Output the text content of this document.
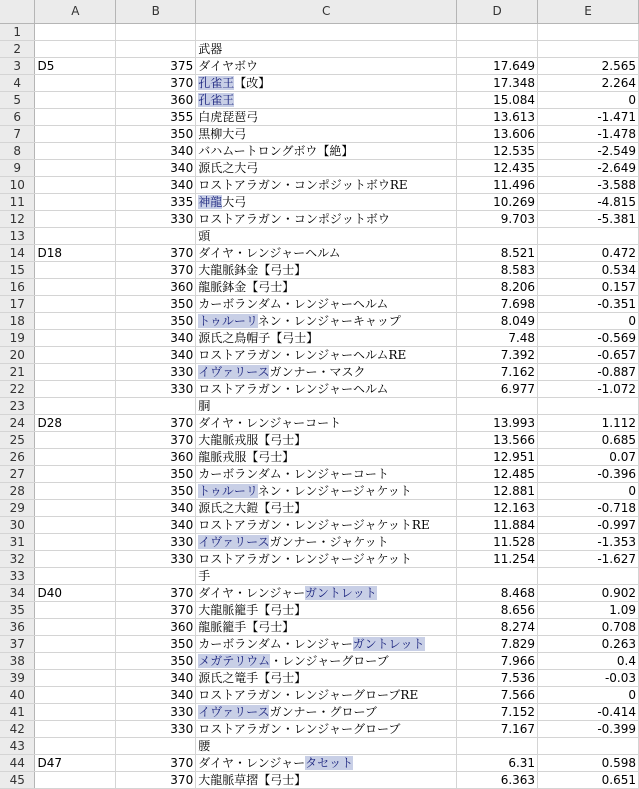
	A	B	C	D	E
1					
2			武器		
3	D5	375	ダイヤボウ	17.649	2.565
4		370	孔雀王【改】	17.348	2.264
5		360	孔雀王	15.084	0
6		355	白虎琵琶弓	13.613	-1.471
7		350	黒柳大弓	13.606	-1.478
8		340	バハムートロングボウ【絶】	12.535	-2.549
9		340	源氏之大弓	12.435	-2.649
10		340	ロストアラガン・コンポジットボウRE	11.496	-3.588
11		335	神龍大弓	10.269	-4.815
12		330	ロストアラガン・コンポジットボウ	9.703	-5.381
13			頭		
14	D18	370	ダイヤ・レンジャーヘルム	8.521	0.472
15		370	大龍脈鉢金【弓士】	8.583	0.534
16		360	龍脈鉢金【弓士】	8.206	0.157
17		350	カーボランダム・レンジャーヘルム	7.698	-0.351
18		350	トゥルーリネン・レンジャーキャップ	8.049	0
19		340	源氏之鳥帽子【弓士】	7.48	-0.569
20		340	ロストアラガン・レンジャーヘルムRE	7.392	-0.657
21		330	イヴァリースガンナー・マスク	7.162	-0.887
22		330	ロストアラガン・レンジャーヘルム	6.977	-1.072
23			胴		
24	D28	370	ダイヤ・レンジャーコート	13.993	1.112
25		370	大龍脈戎服【弓士】	13.566	0.685
26		360	龍脈戎服【弓士】	12.951	0.07
27		350	カーボランダム・レンジャーコート	12.485	-0.396
28		350	トゥルーリネン・レンジャージャケット	12.881	0
29		340	源氏之大鎧【弓士】	12.163	-0.718
30		340	ロストアラガン・レンジャージャケットRE	11.884	-0.997
31		330	イヴァリースガンナー・ジャケット	11.528	-1.353
32		330	ロストアラガン・レンジャージャケット	11.254	-1.627
33			手		
34	D40	370	ダイヤ・レンジャーガントレット	8.468	0.902
35		370	大龍脈籠手【弓士】	8.656	1.09
36		360	龍脈籠手【弓士】	8.274	0.708
37		350	カーボランダム・レンジャーガントレット	7.829	0.263
38		350	メガテリウム・レンジャーグローブ	7.966	0.4
39		340	源氏之篭手【弓士】	7.536	-0.03
40		340	ロストアラガン・レンジャーグローブRE	7.566	0
41		330	イヴァリースガンナー・グローブ	7.152	-0.414
42		330	ロストアラガン・レンジャーグローブ	7.167	-0.399
43			腰		
44	D47	370	ダイヤ・レンジャータセット	6.31	0.598
45		370	大龍脈草摺【弓士】	6.363	0.651
